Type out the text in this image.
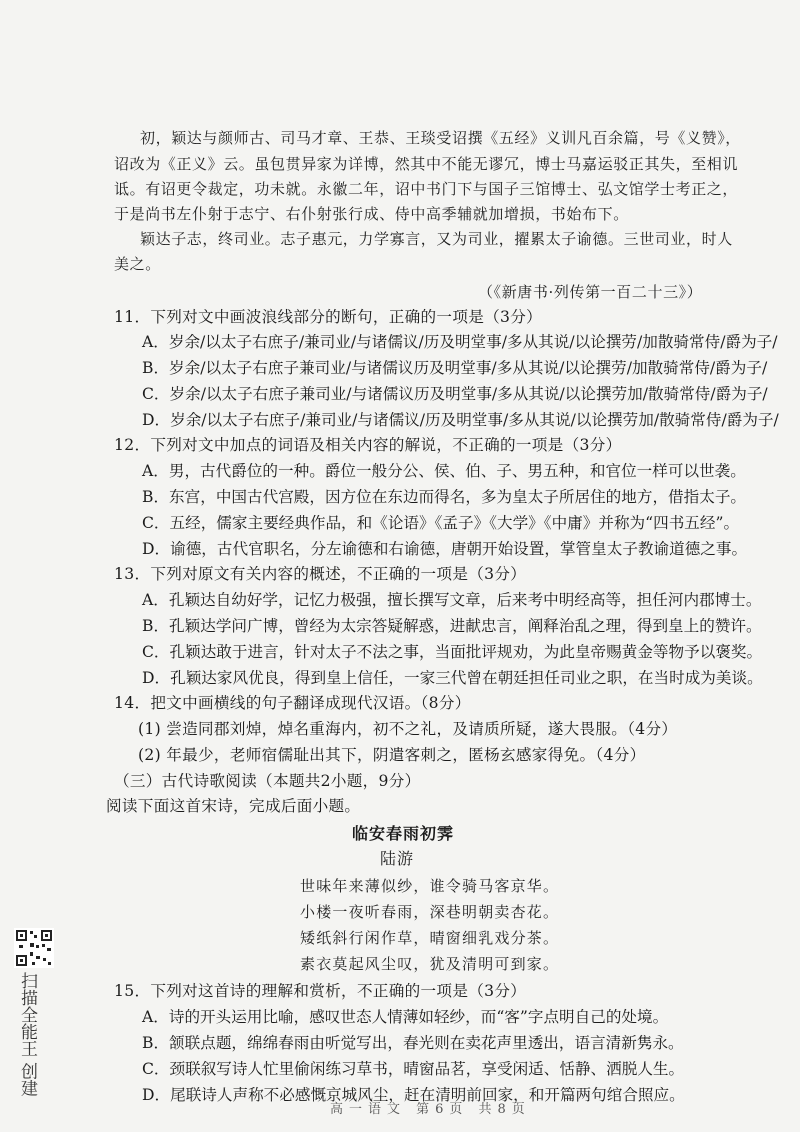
初，颖达与颜师古、司马才章、王恭、王琰受诏撰《五经》义训凡百余篇，号《义赞》，
诏改为《正义》云。虽包贯异家为详博，然其中不能无谬冗，博士马嘉运驳正其失，至相讥
诋。有诏更令裁定，功未就。永徽二年，诏中书门下与国子三馆博士、弘文馆学士考正之，
于是尚书左仆射于志宁、右仆射张行成、侍中高季辅就加增损，书始布下。
颖达子志，终司业。志子惠元，力学寡言，又为司业，擢累太子谕德。三世司业，时人
美之。
（《新唐书·列传第一百二十三》）
11．下列对文中画波浪线部分的断句，正确的一项是（3分）
A．岁余/以太子右庶子/兼司业/与诸儒议/历及明堂事/多从其说/以论撰劳/加散骑常侍/爵为子/
B．岁余/以太子右庶子兼司业/与诸儒议历及明堂事/多从其说/以论撰劳/加散骑常侍/爵为子/
C．岁余/以太子右庶子兼司业/与诸儒议历及明堂事/多从其说/以论撰劳加/散骑常侍/爵为子/
D．岁余/以太子右庶子/兼司业/与诸儒议/历及明堂事/多从其说/以论撰劳加/散骑常侍/爵为子/
12．下列对文中加点的词语及相关内容的解说，不正确的一项是（3分）
A．男，古代爵位的一种。爵位一般分公、侯、伯、子、男五种，和官位一样可以世袭。
B．东宫，中国古代宫殿，因方位在东边而得名，多为皇太子所居住的地方，借指太子。
C．五经，儒家主要经典作品，和《论语》《孟子》《大学》《中庸》并称为“四书五经”。
D．谕德，古代官职名，分左谕德和右谕德，唐朝开始设置，掌管皇太子教谕道德之事。
13．下列对原文有关内容的概述，不正确的一项是（3分）
A．孔颖达自幼好学，记忆力极强，擅长撰写文章，后来考中明经高等，担任河内郡博士。
B．孔颖达学问广博，曾经为太宗答疑解惑，进献忠言，阐释治乱之理，得到皇上的赞许。
C．孔颖达敢于进言，针对太子不法之事，当面批评规劝，为此皇帝赐黄金等物予以褒奖。
D．孔颖达家风优良，得到皇上信任，一家三代曾在朝廷担任司业之职，在当时成为美谈。
14．把文中画横线的句子翻译成现代汉语。（8分）
(1) 尝造同郡刘焯，焯名重海内，初不之礼，及请质所疑，遂大畏服。（4分）
(2) 年最少，老师宿儒耻出其下，阴遣客刺之，匿杨玄感家得免。（4分）
（三）古代诗歌阅读（本题共2小题，9分）
阅读下面这首宋诗，完成后面小题。
临安春雨初霁
陆游
世味年来薄似纱，谁令骑马客京华。
小楼一夜听春雨，深巷明朝卖杏花。
矮纸斜行闲作草，晴窗细乳戏分茶。
素衣莫起风尘叹，犹及清明可到家。
15．下列对这首诗的理解和赏析，不正确的一项是（3分）
A．诗的开头运用比喻，感叹世态人情薄如轻纱，而“客”字点明自己的处境。
B．颔联点题，绵绵春雨由听觉写出，春光则在卖花声里透出，语言清新隽永。
C．颈联叙写诗人忙里偷闲练习草书，晴窗品茗，享受闲适、恬静、洒脱人生。
D．尾联诗人声称不必感慨京城风尘，赶在清明前回家，和开篇两句绾合照应。
高一语文 第6页 共8页
扫描全能王 创建
